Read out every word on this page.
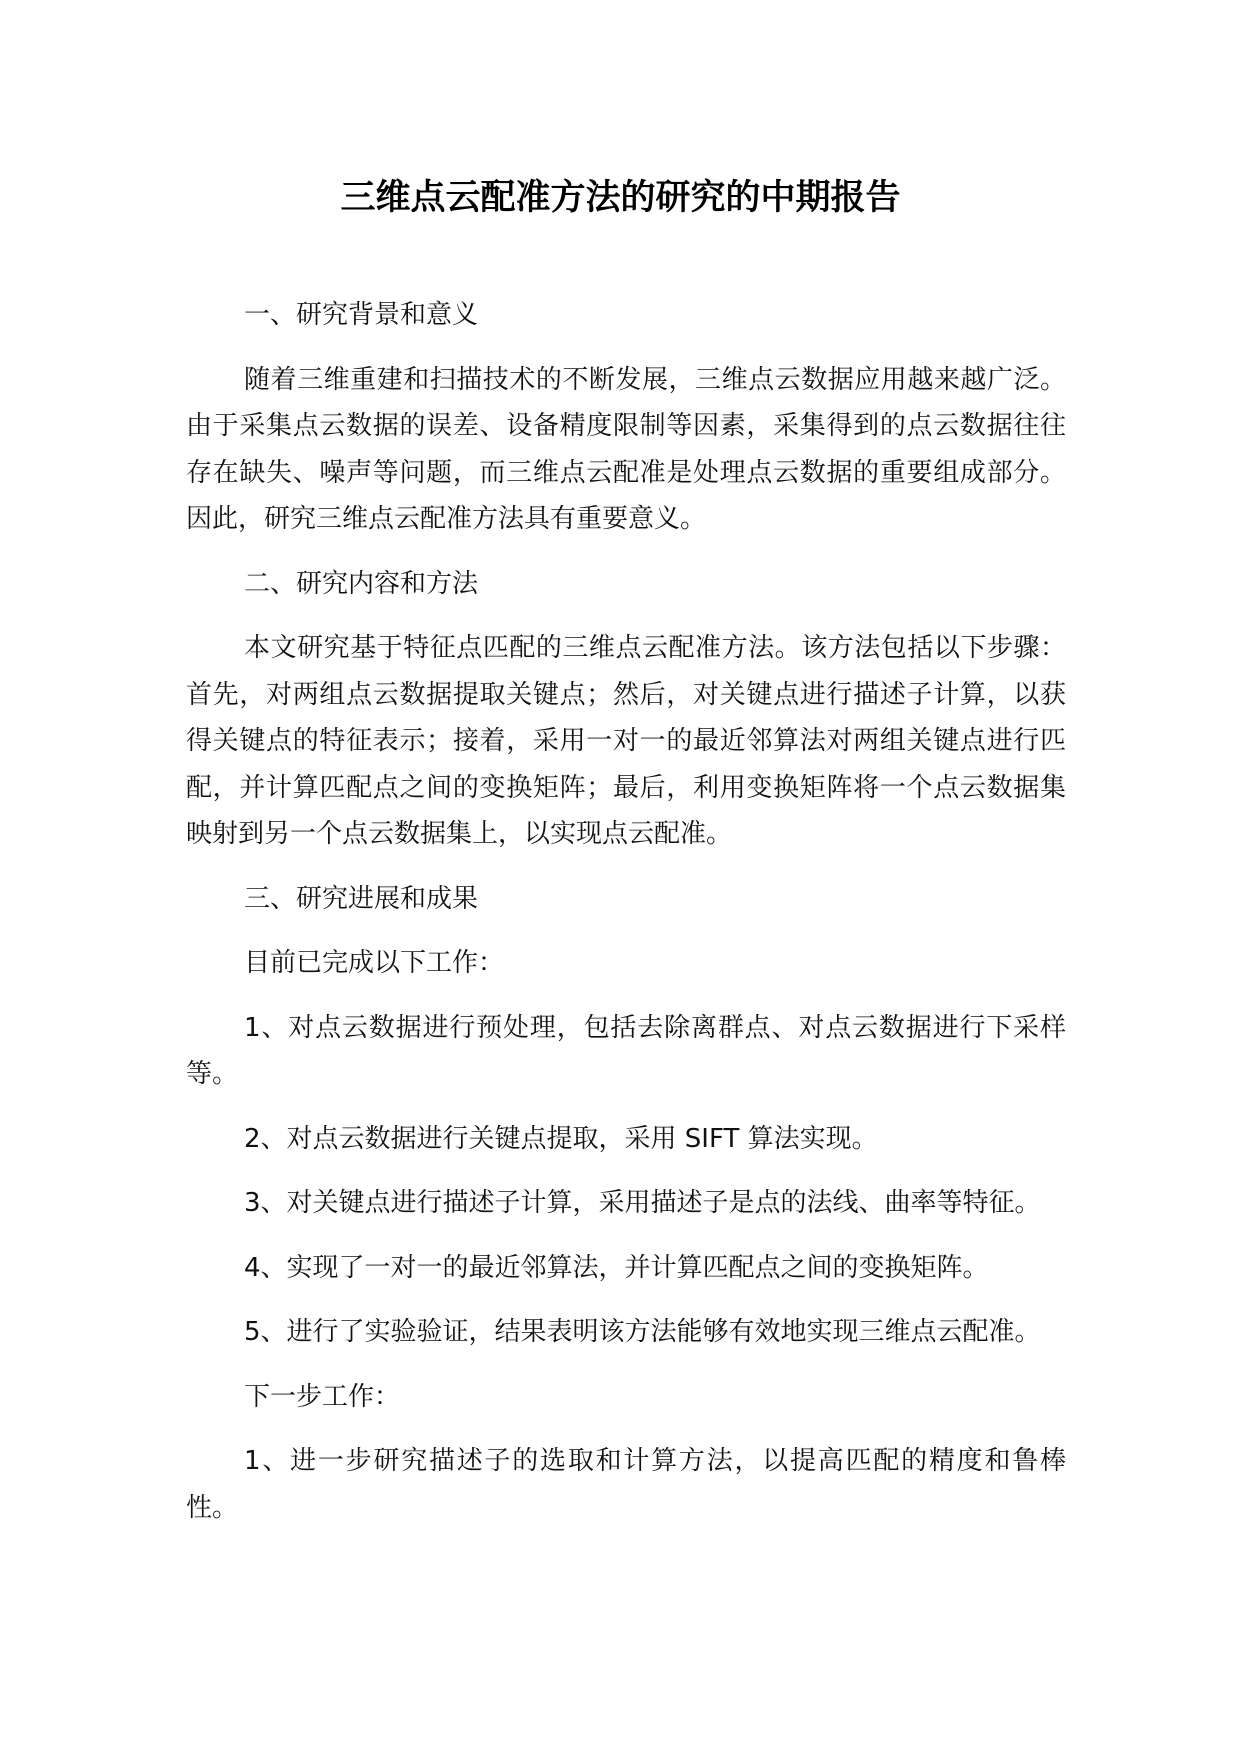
三维点云配准方法的研究的中期报告

一、研究背景和意义

随着三维重建和扫描技术的不断发展，三维点云数据应用越来越广泛。由于采集点云数据的误差、设备精度限制等因素，采集得到的点云数据往往存在缺失、噪声等问题，而三维点云配准是处理点云数据的重要组成部分。因此，研究三维点云配准方法具有重要意义。

二、研究内容和方法

本文研究基于特征点匹配的三维点云配准方法。该方法包括以下步骤：首先，对两组点云数据提取关键点；然后，对关键点进行描述子计算，以获得关键点的特征表示；接着，采用一对一的最近邻算法对两组关键点进行匹配，并计算匹配点之间的变换矩阵；最后，利用变换矩阵将一个点云数据集映射到另一个点云数据集上，以实现点云配准。

三、研究进展和成果

目前已完成以下工作：

1、对点云数据进行预处理，包括去除离群点、对点云数据进行下采样等。

2、对点云数据进行关键点提取，采用 SIFT 算法实现。

3、对关键点进行描述子计算，采用描述子是点的法线、曲率等特征。

4、实现了一对一的最近邻算法，并计算匹配点之间的变换矩阵。

5、进行了实验验证，结果表明该方法能够有效地实现三维点云配准。

下一步工作：

1、进一步研究描述子的选取和计算方法，以提高匹配的精度和鲁棒性。
